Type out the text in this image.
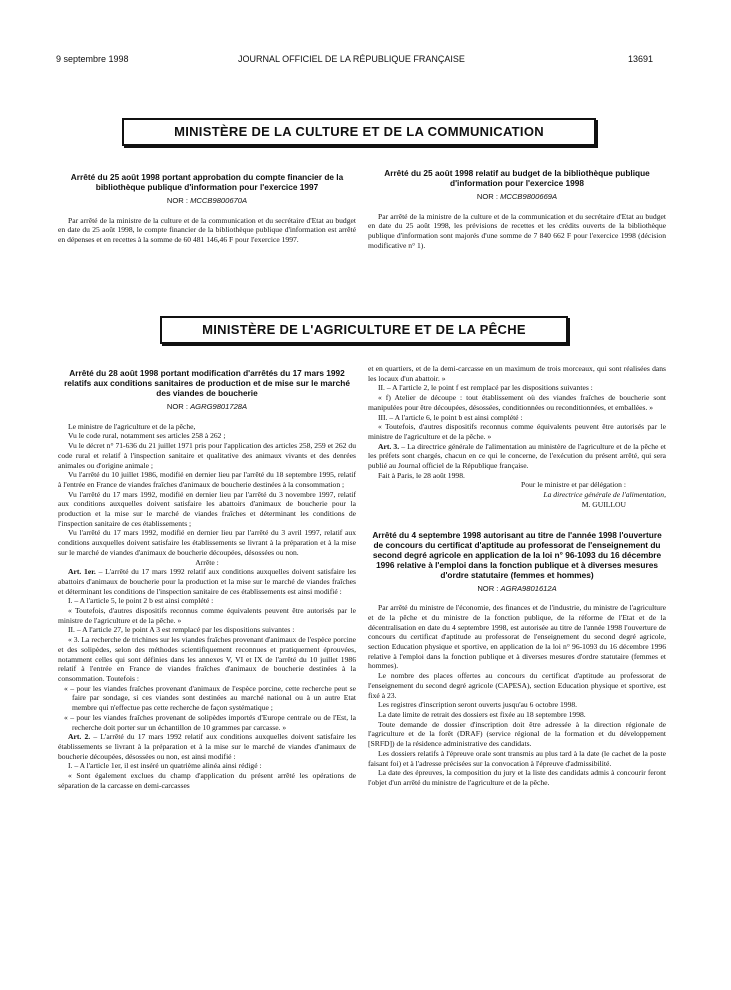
9 septembre 1998	JOURNAL OFFICIEL DE LA RÉPUBLIQUE FRANÇAISE	13691
MINISTÈRE DE LA CULTURE ET DE LA COMMUNICATION
Arrêté du 25 août 1998 portant approbation du compte financier de la bibliothèque publique d'information pour l'exercice 1997
NOR : MCCB9800670A

Par arrêté de la ministre de la culture et de la communication et du secrétaire d'Etat au budget en date du 25 août 1998, le compte financier de la bibliothèque publique d'information est arrêté en dépenses et en recettes à la somme de 60 481 146,46 F pour l'exercice 1997.

Arrêté du 25 août 1998 relatif au budget de la bibliothèque publique d'information pour l'exercice 1998
NOR : MCCB9800669A

Par arrêté de la ministre de la culture et de la communication et du secrétaire d'Etat au budget en date du 25 août 1998, les prévisions de recettes et les crédits ouverts de la bibliothèque publique d'information sont majorés d'une somme de 7 840 662 F pour l'exercice 1998 (décision modificative n° 1).

MINISTÈRE DE L'AGRICULTURE ET DE LA PÊCHE
Arrêté du 28 août 1998 portant modification d'arrêtés du 17 mars 1992 relatifs aux conditions sanitaires de production et de mise sur le marché des viandes de boucherie
NOR : AGRG9801728A

Le ministre de l'agriculture et de la pêche,

Vu le code rural, notamment ses articles 258 à 262 ;

Vu le décret n° 71-636 du 21 juillet 1971 pris pour l'application des articles 258, 259 et 262 du code rural et relatif à l'inspection sanitaire et qualitative des animaux vivants et des denrées animales ou d'origine animale ;

Vu l'arrêté du 10 juillet 1986, modifié en dernier lieu par l'arrêté du 18 septembre 1995, relatif à l'entrée en France de viandes fraîches d'animaux de boucherie destinées à la consommation ;

Vu l'arrêté du 17 mars 1992, modifié en dernier lieu par l'arrêté du 3 novembre 1997, relatif aux conditions auxquelles doivent satisfaire les abattoirs d'animaux de boucherie pour la production et la mise sur le marché de viandes fraîches et déterminant les conditions de l'inspection sanitaire de ces établissements ;

Vu l'arrêté du 17 mars 1992, modifié en dernier lieu par l'arrêté du 3 avril 1997, relatif aux conditions auxquelles doivent satisfaire les établissements se livrant à la préparation et à la mise sur le marché de viandes d'animaux de boucherie découpées, désossées ou non.

Arrête :

Art. 1er. – L'arrêté du 17 mars 1992 relatif aux conditions auxquelles doivent satisfaire les abattoirs d'animaux de boucherie pour la production et la mise sur le marché de viandes fraîches et déterminant les conditions de l'inspection sanitaire de ces établissements est ainsi modifié :

I. – A l'article 5, le point 2 b est ainsi complété :

« Toutefois, d'autres dispositifs reconnus comme équivalents peuvent être autorisés par le ministre de l'agriculture et de la pêche. »

II. – A l'article 27, le point A 3 est remplacé par les dispositions suivantes :

« 3. La recherche de trichines sur les viandes fraîches provenant d'animaux de l'espèce porcine et des solipèdes, selon des méthodes scientifiquement reconnues et pratiquement éprouvées, notamment celles qui sont définies dans les annexes V, VI et IX de l'arrêté du 10 juillet 1986 relatif à l'entrée en France de viandes fraîches d'animaux de boucherie destinées à la consommation. Toutefois :

« – pour les viandes fraîches provenant d'animaux de l'espèce porcine, cette recherche peut se faire par sondage, si ces viandes sont destinées au marché national ou à un autre Etat membre qui n'effectue pas cette recherche de façon systématique ;

« – pour les viandes fraîches provenant de solipèdes importés d'Europe centrale ou de l'Est, la recherche doit porter sur un échantillon de 10 grammes par carcasse. »

Art. 2. – L'arrêté du 17 mars 1992 relatif aux conditions auxquelles doivent satisfaire les établissements se livrant à la préparation et à la mise sur le marché de viandes d'animaux de boucherie découpées, désossées ou non, est ainsi modifié :

I. – A l'article 1er, il est inséré un quatrième alinéa ainsi rédigé :

« Sont également exclues du champ d'application du présent arrêté les opérations de séparation de la carcasse en demi-carcasses

et en quartiers, et de la demi-carcasse en un maximum de trois morceaux, qui sont réalisées dans les locaux d'un abattoir. »

II. – A l'article 2, le point f est remplacé par les dispositions suivantes :

« f) Atelier de découpe : tout établissement où des viandes fraîches de boucherie sont manipulées pour être découpées, désossées, conditionnées ou reconditionnées, et emballées. »

III. – A l'article 6, le point b est ainsi complété :

« Toutefois, d'autres dispositifs reconnus comme équivalents peuvent être autorisés par le ministre de l'agriculture et de la pêche. »

Art. 3. – La directrice générale de l'alimentation au ministère de l'agriculture et de la pêche et les préfets sont chargés, chacun en ce qui le concerne, de l'exécution du présent arrêté, qui sera publié au Journal officiel de la République française.

Fait à Paris, le 28 août 1998.

Pour le ministre et par délégation :

La directrice générale de l'alimentation,

M. GUILLOU

Arrêté du 4 septembre 1998 autorisant au titre de l'année 1998 l'ouverture de concours du certificat d'aptitude au professorat de l'enseignement du second degré agricole en application de la loi n° 96-1093 du 16 décembre 1996 relative à l'emploi dans la fonction publique et à diverses mesures d'ordre statutaire (femmes et hommes)
NOR : AGRA9801612A

Par arrêté du ministre de l'économie, des finances et de l'industrie, du ministre de l'agriculture et de la pêche et du ministre de la fonction publique, de la réforme de l'Etat et de la décentralisation en date du 4 septembre 1998, est autorisée au titre de l'année 1998 l'ouverture de concours du certificat d'aptitude au professorat de l'enseignement du second degré agricole, section Education physique et sportive, en application de la loi n° 96-1093 du 16 décembre 1996 relative à l'emploi dans la fonction publique et à diverses mesures d'ordre statutaire (femmes et hommes).

Le nombre des places offertes au concours du certificat d'aptitude au professorat de l'enseignement du second degré agricole (CAPESA), section Education physique et sportive, est fixé à 23.

Les registres d'inscription seront ouverts jusqu'au 6 octobre 1998.

La date limite de retrait des dossiers est fixée au 18 septembre 1998.

Toute demande de dossier d'inscription doit être adressée à la direction régionale de l'agriculture et de la forêt (DRAF) (service régional de la formation et du développement [SRFD]) de la résidence administrative des candidats.

Les dossiers relatifs à l'épreuve orale sont transmis au plus tard à la date (le cachet de la poste faisant foi) et à l'adresse précisées sur la convocation à l'épreuve d'admissibilité.

La date des épreuves, la composition du jury et la liste des candidats admis à concourir feront l'objet d'un arrêté du ministre de l'agriculture et de la pêche.
